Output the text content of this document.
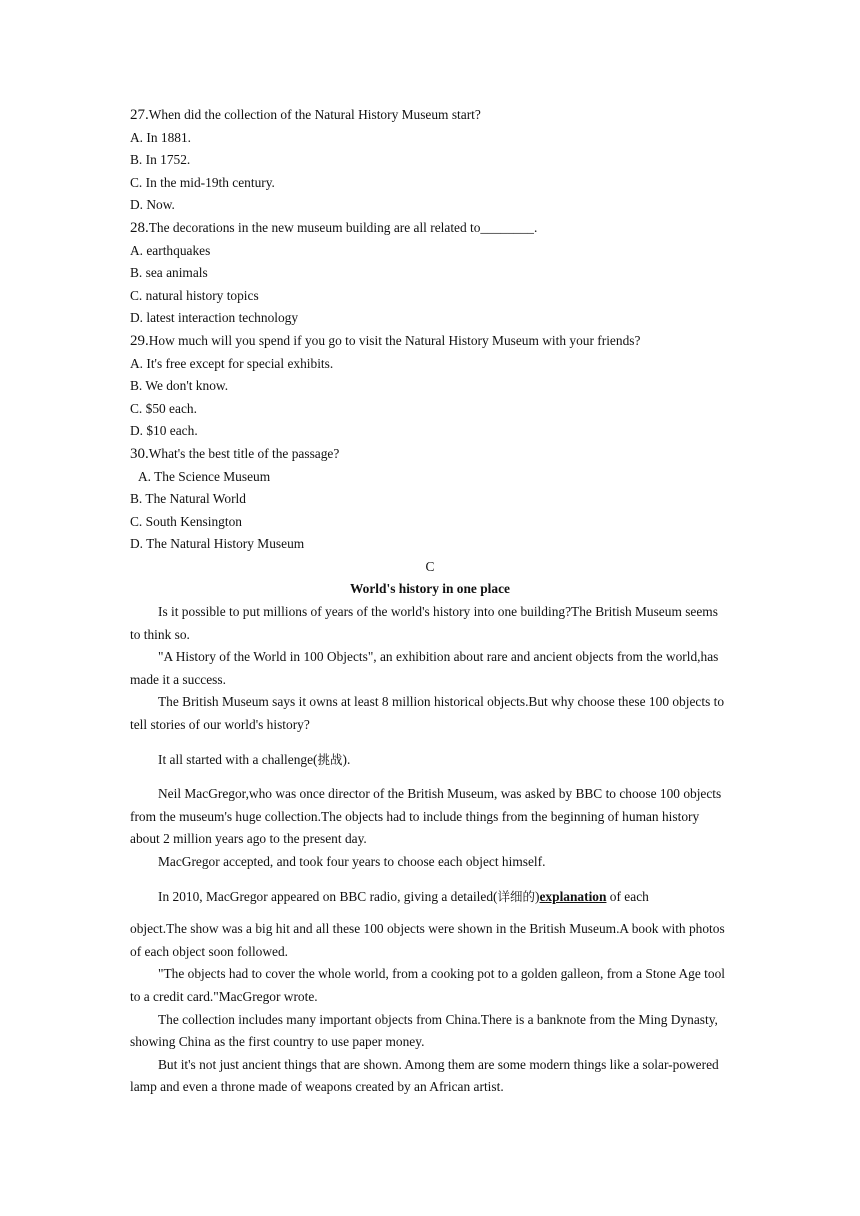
27.When did the collection of the Natural History Museum start?
A. In 1881.
B. In 1752.
C. In the mid-19th century.
D. Now.
28.The decorations in the new museum building are all related to________.
A. earthquakes
B. sea animals
C. natural history topics
D. latest interaction technology
29.How much will you spend if you go to visit the Natural History Museum with your friends?
A. It's free except for special exhibits.
B. We don't know.
C. $50 each.
D. $10 each.
30.What's the best title of the passage?
A. The Science Museum
B. The Natural World
C. South Kensington
D. The Natural History Museum
C
World's history in one place
Is it possible to put millions of years of the world's history into one building?The British Museum seems to think so.
"A History of the World in 100 Objects", an exhibition about rare and ancient objects from the world,has made it a success.
The British Museum says it owns at least 8 million historical objects.But why choose these 100 objects to tell stories of our world's history?
It all started with a challenge(挑战).
Neil MacGregor,who was once director of the British Museum, was asked by BBC to choose 100 objects from the museum's huge collection.The objects had to include things from the beginning of human history about 2 million years ago to the present day.
MacGregor accepted, and took four years to choose each object himself.
In 2010, MacGregor appeared on BBC radio, giving a detailed(详细的)explanation of each
object.The show was a big hit and all these 100 objects were shown in the British Museum.A book with photos of each object soon followed.
"The objects had to cover the whole world, from a cooking pot to a golden galleon, from a Stone Age tool to a credit card."MacGregor wrote.
The collection includes many important objects from China.There is a banknote from the Ming Dynasty, showing China as the first country to use paper money.
But it's not just ancient things that are shown. Among them are some modern things like a solar-powered lamp and even a throne made of weapons created by an African artist.
